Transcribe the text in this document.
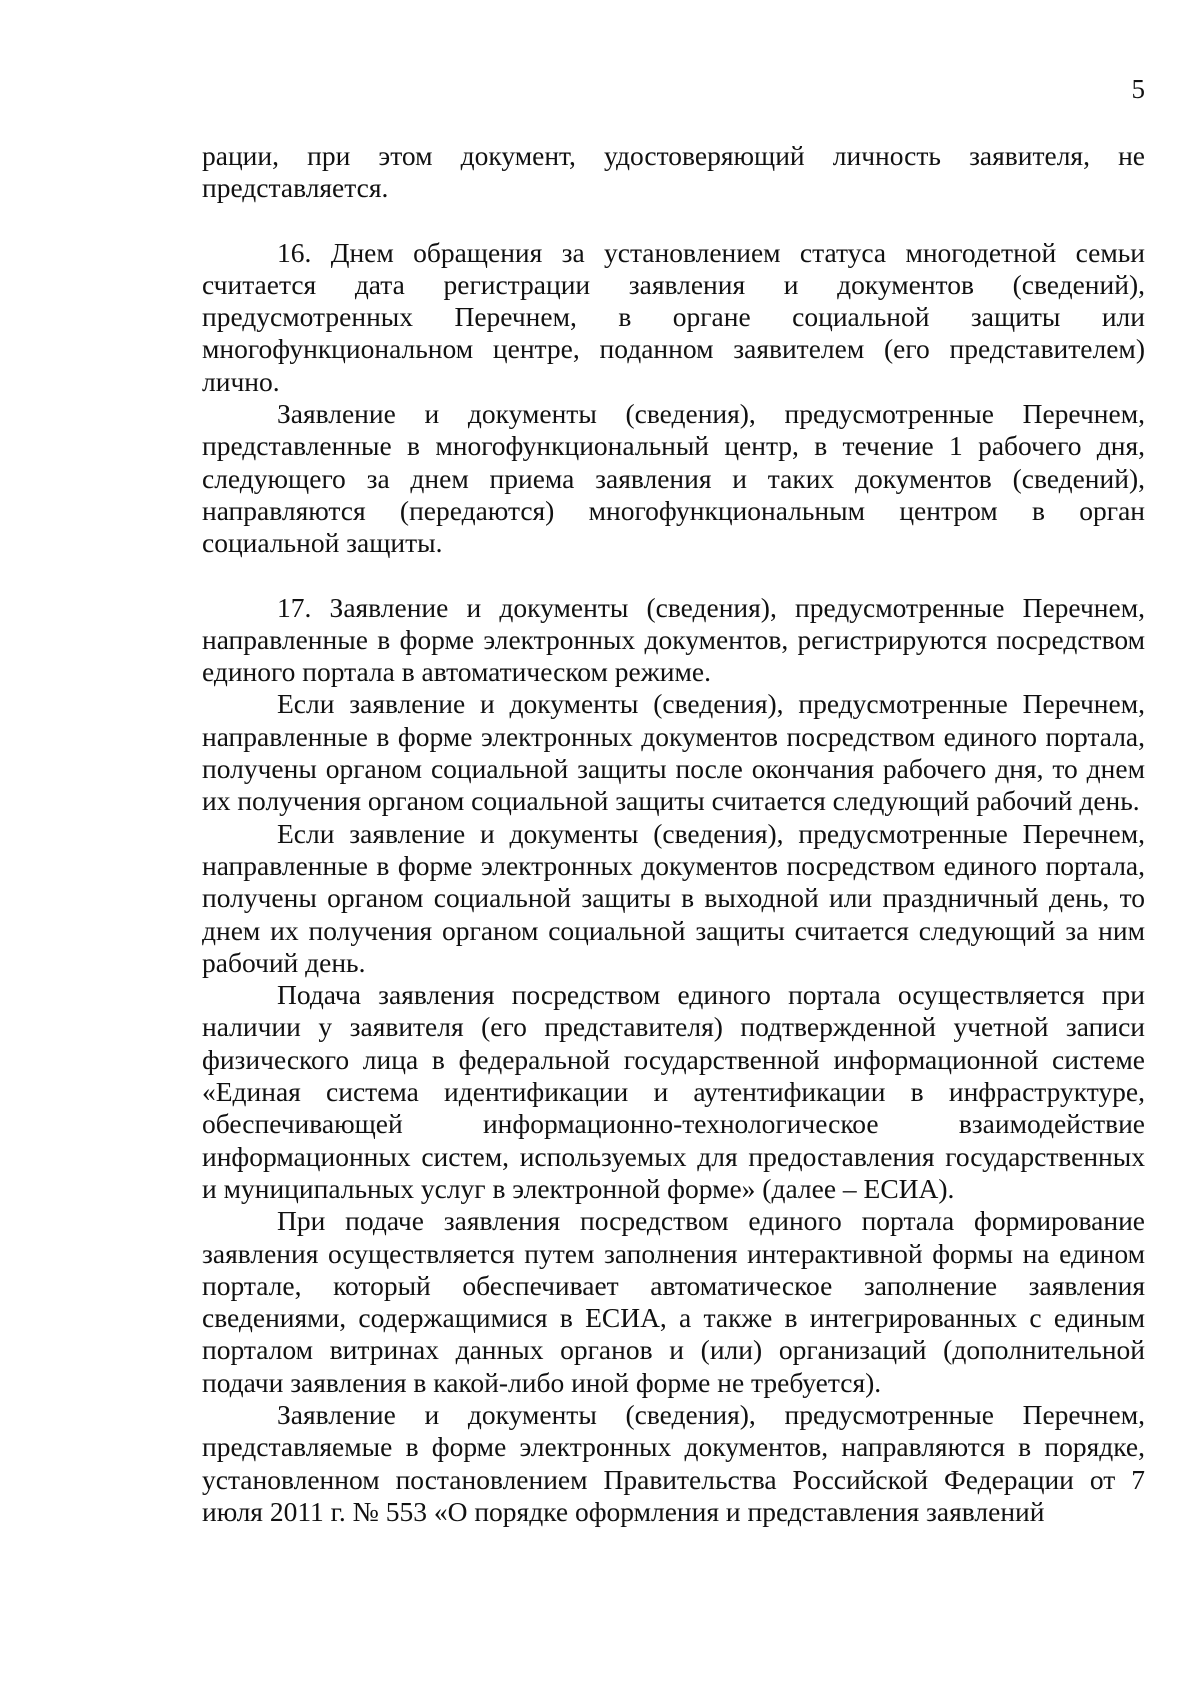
5

рации, при этом документ, удостоверяющий личность заявителя, не представляется.

16. Днем обращения за установлением статуса многодетной семьи считается дата регистрации заявления и документов (сведений), предусмотренных Перечнем, в органе социальной защиты или многофункциональном центре, поданном заявителем (его представителем) лично.

Заявление и документы (сведения), предусмотренные Перечнем, представленные в многофункциональный центр, в течение 1 рабочего дня, следующего за днем приема заявления и таких документов (сведений), направляются (передаются) многофункциональным центром в орган социальной защиты.

17. Заявление и документы (сведения), предусмотренные Перечнем, направленные в форме электронных документов, регистрируются посредством единого портала в автоматическом режиме.

Если заявление и документы (сведения), предусмотренные Перечнем, направленные в форме электронных документов посредством единого портала, получены органом социальной защиты после окончания рабочего дня, то днем их получения органом социальной защиты считается следующий рабочий день.

Если заявление и документы (сведения), предусмотренные Перечнем, направленные в форме электронных документов посредством единого портала, получены органом социальной защиты в выходной или праздничный день, то днем их получения органом социальной защиты считается следующий за ним рабочий день.

Подача заявления посредством единого портала осуществляется при наличии у заявителя (его представителя) подтвержденной учетной записи физического лица в федеральной государственной информационной системе «Единая система идентификации и аутентификации в инфраструктуре, обеспечивающей информационно-технологическое взаимодействие информационных систем, используемых для предоставления государственных и муниципальных услуг в электронной форме» (далее – ЕСИА).

При подаче заявления посредством единого портала формирование заявления осуществляется путем заполнения интерактивной формы на едином портале, который обеспечивает автоматическое заполнение заявления сведениями, содержащимися в ЕСИА, а также в интегрированных с единым порталом витринах данных органов и (или) организаций (дополнительной подачи заявления в какой-либо иной форме не требуется).

Заявление и документы (сведения), предусмотренные Перечнем, представляемые в форме электронных документов, направляются в порядке, установленном постановлением Правительства Российской Федерации от 7 июля 2011 г. № 553 «О порядке оформления и представления заявлений
